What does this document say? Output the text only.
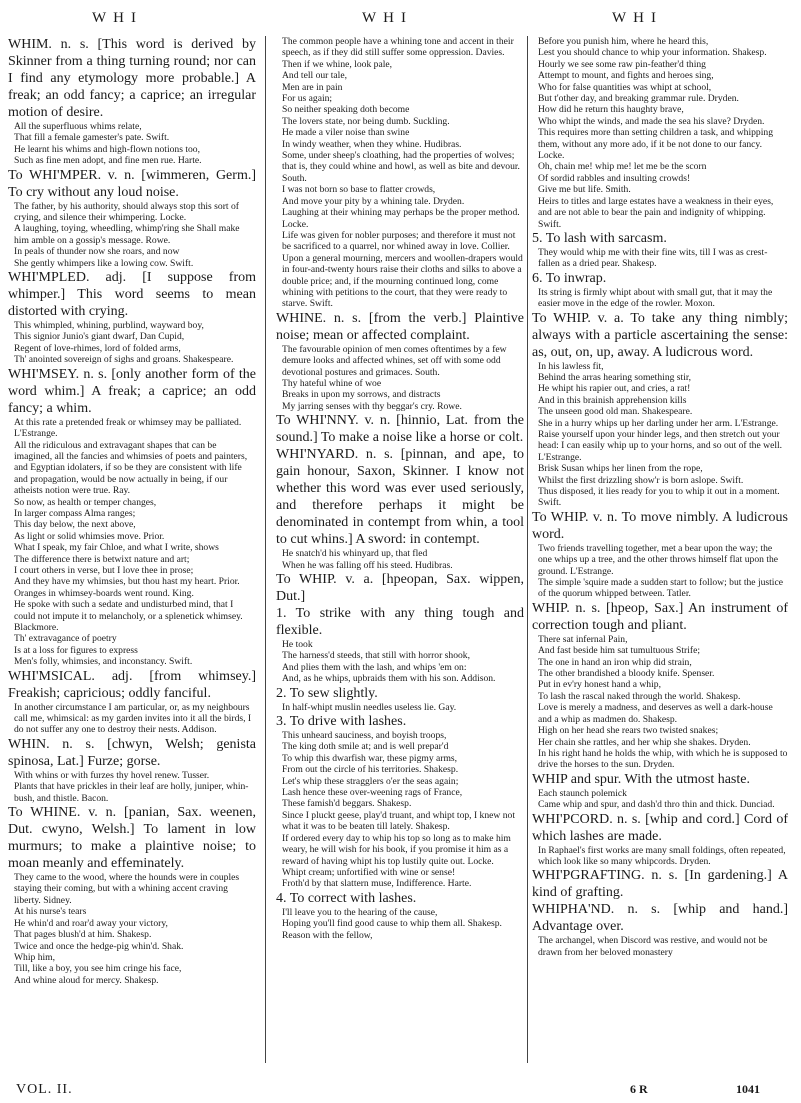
WHI	WHI	WHI

WHIM. n. s. [This word is derived by Skinner from a thing turning round; nor can I find any etymology more probable.] A freak; an odd fancy; a caprice; an irregular motion of desire.

All the superfluous whims relate,

That fill a female gamester's pate. Swift.

He learnt his whims and high-flown notions too,

Such as fine men adopt, and fine men rue. Harte.

To WHI'MPER. v. n. [wimmeren, Germ.] To cry without any loud noise.

The father, by his authority, should always stop this sort of crying, and silence their whimpering. Locke.

A laughing, toying, wheedling, whimp'ring she Shall make him amble on a gossip's message. Rowe.

In peals of thunder now she roars, and now

She gently whimpers like a lowing cow. Swift.

WHI'MPLED. adj. [I suppose from whimper.] This word seems to mean distorted with crying.

This whimpled, whining, purblind, wayward boy,

This signior Junio's giant dwarf, Dan Cupid,

Regent of love-rhimes, lord of folded arms,

Th' anointed sovereign of sighs and groans. Shakespeare.

WHI'MSEY. n. s. [only another form of the word whim.] A freak; a caprice; an odd fancy; a whim.

At this rate a pretended freak or whimsey may be palliated. L'Estrange.

All the ridiculous and extravagant shapes that can be imagined, all the fancies and whimsies of poets and painters, and Egyptian idolaters, if so be they are consistent with life and propagation, would be now actually in being, if our atheists notion were true. Ray.

So now, as health or temper changes,

In larger compass Alma ranges;

This day below, the next above,

As light or solid whimsies move. Prior.

What I speak, my fair Chloe, and what I write, shows

The difference there is betwixt nature and art;

I court others in verse, but I love thee in prose;

And they have my whimsies, but thou hast my heart. Prior.

Oranges in whimsey-boards went round. King.

He spoke with such a sedate and undisturbed mind, that I could not impute it to melancholy, or a splenetick whimsey. Blackmore.

Th' extravagance of poetry

Is at a loss for figures to express

Men's folly, whimsies, and inconstancy. Swift.

WHI'MSICAL. adj. [from whimsey.] Freakish; capricious; oddly fanciful.

In another circumstance I am particular, or, as my neighbours call me, whimsical: as my garden invites into it all the birds, I do not suffer any one to destroy their nests. Addison.

WHIN. n. s. [chwyn, Welsh; genista spinosa, Lat.] Furze; gorse.

With whins or with furzes thy hovel renew. Tusser.

Plants that have prickles in their leaf are holly, juniper, whin-bush, and thistle. Bacon.

To WHINE. v. n. [panian, Sax. weenen, Dut. cwyno, Welsh.] To lament in low murmurs; to make a plaintive noise; to moan meanly and effeminately.

They came to the wood, where the hounds were in couples staying their coming, but with a whining accent craving liberty. Sidney.

At his nurse's tears

He whin'd and roar'd away your victory,

That pages blush'd at him. Shakesp.

Twice and once the hedge-pig whin'd. Shak.

Whip him,

Till, like a boy, you see him cringe his face,

And whine aloud for mercy. Shakesp.

The common people have a whining tone and accent in their speech, as if they did still suffer some oppression. Davies.

Then if we whine, look pale,

And tell our tale,

Men are in pain

For us again;

So neither speaking doth become

The lovers state, nor being dumb. Suckling.

He made a viler noise than swine

In windy weather, when they whine. Hudibras.

Some, under sheep's cloathing, had the properties of wolves; that is, they could whine and howl, as well as bite and devour. South.

I was not born so base to flatter crowds,

And move your pity by a whining tale. Dryden.

Laughing at their whining may perhaps be the proper method. Locke.

Life was given for nobler purposes; and therefore it must not be sacrificed to a quarrel, nor whined away in love. Collier.

Upon a general mourning, mercers and woollen-drapers would in four-and-twenty hours raise their cloths and silks to above a double price; and, if the mourning continued long, come whining with petitions to the court, that they were ready to starve. Swift.

WHINE. n. s. [from the verb.] Plaintive noise; mean or affected complaint.

The favourable opinion of men comes oftentimes by a few demure looks and affected whines, set off with some odd devotional postures and grimaces. South.

Thy hateful whine of woe

Breaks in upon my sorrows, and distracts

My jarring senses with thy beggar's cry. Rowe.

To WHI'NNY. v. n. [hinnio, Lat. from the sound.] To make a noise like a horse or colt.

WHI'NYARD. n. s. [pinnan, and ape, to gain honour, Saxon, Skinner. I know not whether this word was ever used seriously, and therefore perhaps it might be denominated in contempt from whin, a tool to cut whins.] A sword: in contempt.

He snatch'd his whinyard up, that fled

When he was falling off his steed. Hudibras.

To WHIP. v. a. [hpeopan, Sax. wippen, Dut.]

1. To strike with any thing tough and flexible.

He took

The harness'd steeds, that still with horror shook,

And plies them with the lash, and whips 'em on:

And, as he whips, upbraids them with his son. Addison.

2. To sew slightly.

In half-whipt muslin needles useless lie. Gay.

3. To drive with lashes.

This unheard sauciness, and boyish troops,

The king doth smile at; and is well prepar'd

To whip this dwarfish war, these pigmy arms,

From out the circle of his territories. Shakesp.

Let's whip these stragglers o'er the seas again;

Lash hence these over-weening rags of France,

These famish'd beggars. Shakesp.

Since I pluckt geese, play'd truant, and whipt top, I knew not what it was to be beaten till lately. Shakesp.

If ordered every day to whip his top so long as to make him weary, he will wish for his book, if you promise it him as a reward of having whipt his top lustily quite out. Locke.

Whipt cream; unfortified with wine or sense!

Froth'd by that slattern muse, Indifference. Harte.

4. To correct with lashes.

I'll leave you to the hearing of the cause,

Hoping you'll find good cause to whip them all. Shakesp.

Reason with the fellow,

Before you punish him, where he heard this,

Lest you should chance to whip your information. Shakesp.

Hourly we see some raw pin-feather'd thing

Attempt to mount, and fights and heroes sing,

Who for false quantities was whipt at school,

But t'other day, and breaking grammar rule. Dryden.

How did he return this haughty brave,

Who whipt the winds, and made the sea his slave? Dryden.

This requires more than setting children a task, and whipping them, without any more ado, if it be not done to our fancy. Locke.

Oh, chain me! whip me! let me be the scorn

Of sordid rabbles and insulting crowds!

Give me but life. Smith.

Heirs to titles and large estates have a weakness in their eyes, and are not able to bear the pain and indignity of whipping. Swift.

5. To lash with sarcasm.

They would whip me with their fine wits, till I was as crest-fallen as a dried pear. Shakesp.

6. To inwrap.

Its string is firmly whipt about with small gut, that it may the easier move in the edge of the rowler. Moxon.

To WHIP. v. a. To take any thing nimbly; always with a particle ascertaining the sense: as, out, on, up, away. A ludicrous word.

In his lawless fit,

Behind the arras hearing something stir,

He whipt his rapier out, and cries, a rat!

And in this brainish apprehension kills

The unseen good old man. Shakespeare.

She in a hurry whips up her darling under her arm. L'Estrange.

Raise yourself upon your hinder legs, and then stretch out your head: I can easily whip up to your horns, and so out of the well. L'Estrange.

Brisk Susan whips her linen from the rope,

Whilst the first drizzling show'r is born aslope. Swift.

Thus disposed, it lies ready for you to whip it out in a moment. Swift.

To WHIP. v. n. To move nimbly. A ludicrous word.

Two friends travelling together, met a bear upon the way; the one whips up a tree, and the other throws himself flat upon the ground. L'Estrange.

The simple 'squire made a sudden start to follow; but the justice of the quorum whipped between. Tatler.

WHIP. n. s. [hpeop, Sax.] An instrument of correction tough and pliant.

There sat infernal Pain,

And fast beside him sat tumultuous Strife;

The one in hand an iron whip did strain,

The other brandished a bloody knife. Spenser.

Put in ev'ry honest hand a whip,

To lash the rascal naked through the world. Shakesp.

Love is merely a madness, and deserves as well a dark-house and a whip as madmen do. Shakesp.

High on her head she rears two twisted snakes;

Her chain she rattles, and her whip she shakes. Dryden.

In his right hand he holds the whip, with which he is supposed to drive the horses to the sun. Dryden.

WHIP and spur. With the utmost haste.

Each staunch polemick

Came whip and spur, and dash'd thro thin and thick. Dunciad.

WHI'PCORD. n. s. [whip and cord.] Cord of which lashes are made.

In Raphael's first works are many small foldings, often repeated, which look like so many whipcords. Dryden.

WHI'PGRAFTING. n. s. [In gardening.] A kind of grafting.

WHIPHA'ND. n. s. [whip and hand.] Advantage over.

The archangel, when Discord was restive, and would not be drawn from her beloved monastery

VOL. II.	6 R	1041
